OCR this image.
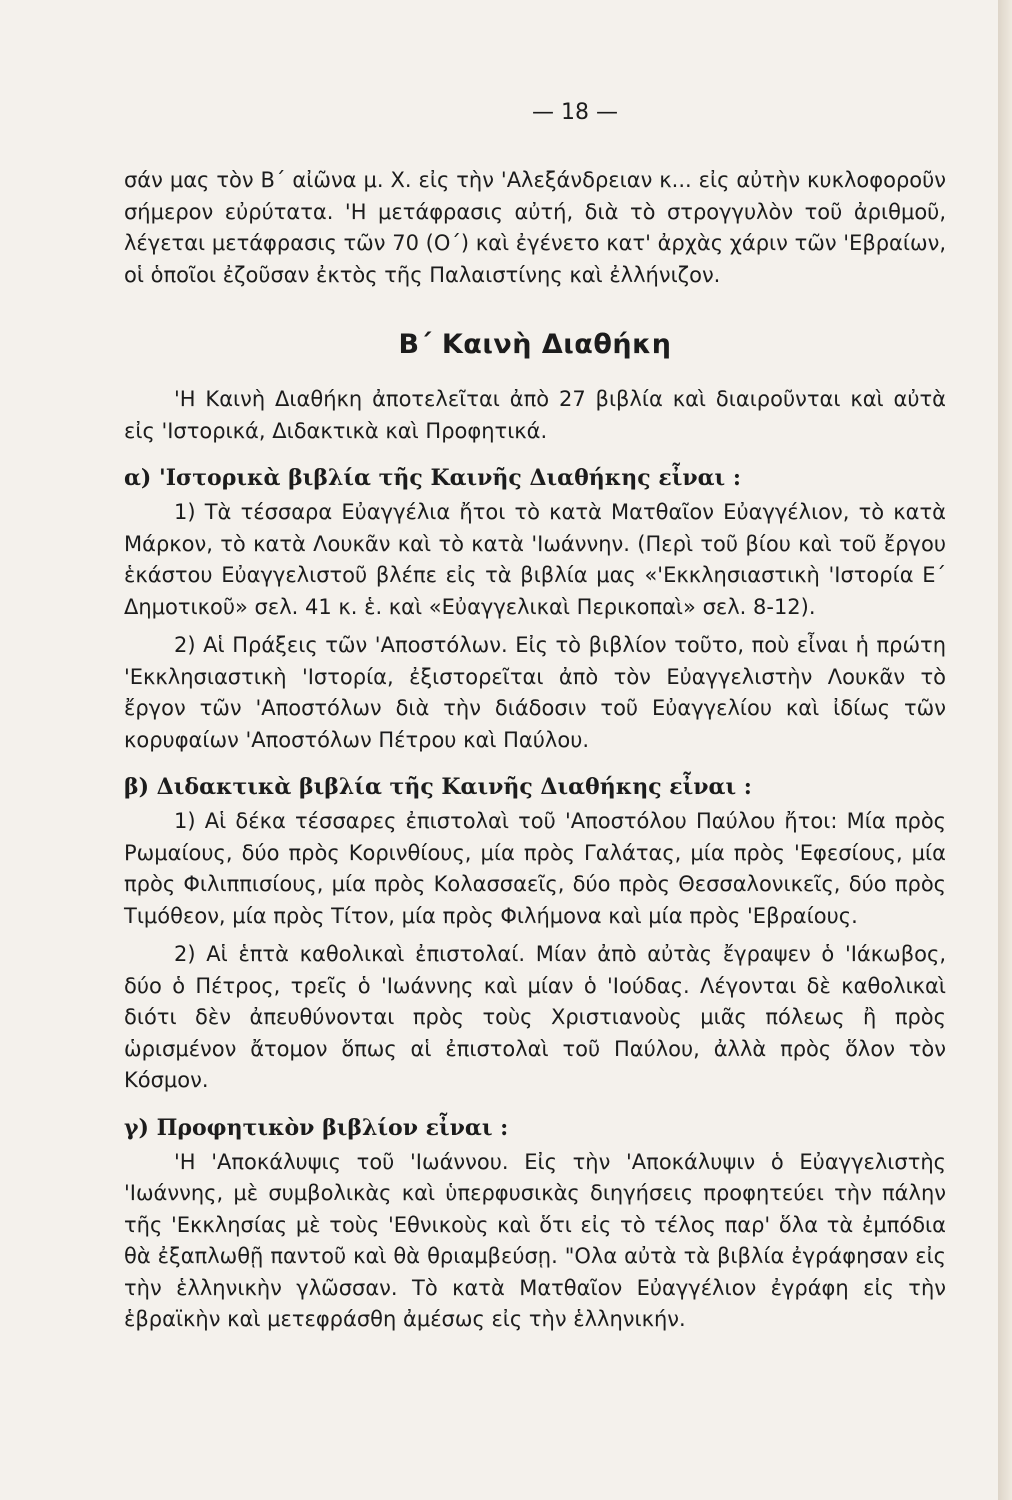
— 18 —

σάν μας τὸν Β΄ αἰῶνα μ. Χ. εἰς τὴν 'Αλεξάνδρειαν κ... εἰς αὐτὴν κυκλοφοροῦν σήμερον εὐρύτατα. 'Η μετάφρασις αὐτή, διὰ τὸ στρογγυλὸν τοῦ ἀριθμοῦ, λέγεται μετάφρασις τῶν 70 (Ο΄) καὶ ἐγένετο κατ' ἀρχὰς χάριν τῶν 'Εβραίων, οἱ ὁποῖοι ἐζοῦσαν ἐκτὸς τῆς Παλαιστίνης καὶ ἐλλήνιζον.

Β΄ Καινὴ Διαθήκη

'Η Καινὴ Διαθήκη ἀποτελεῖται ἀπὸ 27 βιβλία καὶ διαιροῦνται καὶ αὐτὰ εἰς 'Ιστορικά, Διδακτικὰ καὶ Προφητικά.

α) 'Ιστορικὰ βιβλία τῆς Καινῆς Διαθήκης εἶναι :

1) Τὰ τέσσαρα Εὐαγγέλια ἤτοι τὸ κατὰ Ματθαῖον Εὐαγγέλιον, τὸ κατὰ Μάρκον, τὸ κατὰ Λουκᾶν καὶ τὸ κατὰ 'Ιωάννην. (Περὶ τοῦ βίου καὶ τοῦ ἔργου ἑκάστου Εὐαγγελιστοῦ βλέπε εἰς τὰ βιβλία μας «'Εκκλησιαστικὴ 'Ιστορία Ε΄ Δημοτικοῦ» σελ. 41 κ. ἑ. καὶ «Εὐαγγελικαὶ Περικοπαὶ» σελ. 8-12).

2) Αἱ Πράξεις τῶν 'Αποστόλων. Εἰς τὸ βιβλίον τοῦτο, ποὺ εἶναι ἡ πρώτη 'Εκκλησιαστικὴ 'Ιστορία, ἐξιστορεῖται ἀπὸ τὸν Εὐαγγελιστὴν Λουκᾶν τὸ ἔργον τῶν 'Αποστόλων διὰ τὴν διάδοσιν τοῦ Εὐαγγελίου καὶ ἰδίως τῶν κορυφαίων 'Αποστόλων Πέτρου καὶ Παύλου.

β) Διδακτικὰ βιβλία τῆς Καινῆς Διαθήκης εἶναι :

1) Αἱ δέκα τέσσαρες ἐπιστολαὶ τοῦ 'Αποστόλου Παύλου ἤτοι: Μία πρὸς Ρωμαίους, δύο πρὸς Κορινθίους, μία πρὸς Γαλάτας, μία πρὸς 'Εφεσίους, μία πρὸς Φιλιππισίους, μία πρὸς Κολασσαεῖς, δύο πρὸς Θεσσαλονικεῖς, δύο πρὸς Τιμόθεον, μία πρὸς Τίτον, μία πρὸς Φιλήμονα καὶ μία πρὸς 'Εβραίους.

2) Αἱ ἑπτὰ καθολικαὶ ἐπιστολαί. Μίαν ἀπὸ αὐτὰς ἔγραψεν ὁ 'Ιάκωβος, δύο ὁ Πέτρος, τρεῖς ὁ 'Ιωάννης καὶ μίαν ὁ 'Ιούδας. Λέγονται δὲ καθολικαὶ διότι δὲν ἀπευθύνονται πρὸς τοὺς Χριστιανοὺς μιᾶς πόλεως ἢ πρὸς ὡρισμένον ἄτομον ὅπως αἱ ἐπιστολαὶ τοῦ Παύλου, ἀλλὰ πρὸς ὅλον τὸν Κόσμον.

γ) Προφητικὸν βιβλίον εἶναι :

'Η 'Αποκάλυψις τοῦ 'Ιωάννου. Εἰς τὴν 'Αποκάλυψιν ὁ Εὐαγγελιστὴς 'Ιωάννης, μὲ συμβολικὰς καὶ ὑπερφυσικὰς διηγήσεις προφητεύει τὴν πάλην τῆς 'Εκκλησίας μὲ τοὺς 'Εθνικοὺς καὶ ὅτι εἰς τὸ τέλος παρ' ὅλα τὰ ἐμπόδια θὰ ἐξαπλωθῇ παντοῦ καὶ θὰ θριαμβεύσῃ. "Ολα αὐτὰ τὰ βιβλία ἐγράφησαν εἰς τὴν ἑλληνικὴν γλῶσσαν. Τὸ κατὰ Ματθαῖον Εὐαγγέλιον ἐγράφη εἰς τὴν ἑβραϊκὴν καὶ μετεφράσθη ἀμέσως εἰς τὴν ἑλληνικήν.
